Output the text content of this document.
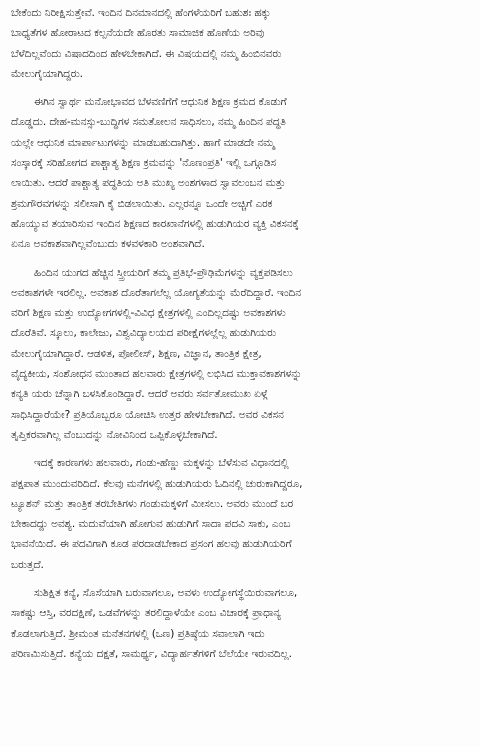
ಬೇಕೆಂದು ನಿರೀಕ್ಷಿಸುತ್ತೇವೆ. ಇಂದಿನ ದಿನಮಾನದಲ್ಲಿ ಹೆಂಗಳೆಯರಿಗೆ ಬಹುಶಃ ಹಕ್ಕು
ಬಾಧ್ಯತೆಗಳ ಹೋರಾಟದ ಕಲ್ಪನೆಯದೇ ಹೊರತು ಸಾಮಾಜಿಕ ಹೊಣೆಯ ಅರಿವು
ಬೆಳೆದಿಲ್ಲವೆಂದು ವಿಷಾದದಿಂದ ಹೇಳಬೇಕಾಗಿದೆ. ಈ ವಿಷಯದಲ್ಲಿ ನಮ್ಮ ಹಿಂಬಿನವರು
ಮೇಲುಗೈಯಾಗಿದ್ದರು.
ಈಗಿನ ಸ್ವಾರ್ಥ ಮನೋಭಾವದ ಬೆಳವಣಿಗೆಗೆ ಆಧುನಿಕ ಶಿಕ್ಷಣ ಕ್ರಮದ ಕೊಡುಗೆ
ದೊಡ್ಡದು. ದೇಹ-ಮನಸ್ಸು-ಬುದ್ಧಿಗಳ ಸಮತೋಲನ ಸಾಧಿಸಲು, ನಮ್ಮ ಹಿಂದಿನ ಪದ್ಧತಿ
ಯಲ್ಲೇ ಆಧುನಿಕ ಮಾರ್ಪಾಟುಗಳನ್ನು ಮಾಡಬಹುದಾಗಿತ್ತು. ಹಾಗೆ ಮಾಡದೇ ನಮ್ಮ
ಸಂಸ್ಕಾರಕ್ಕೆ ಸರಿಹೋಗದ ಪಾಶ್ಚಾತ್ಯ ಶಿಕ್ಷಣ ಕ್ರಮವನ್ನು 'ನೊಣಂಪ್ರತಿ' ಇಲ್ಲಿ ಒಗ್ಗೂಡಿಸ
ಲಾಯಿತು. ಆದರೆ ಪಾಶ್ಚಾತ್ಯ ಪದ್ಧತಿಯ ಅತಿ ಮುಖ್ಯ ಅಂಶಗಳಾದ ಸ್ವಾವಲಂಬನ ಮತ್ತು
ಶ್ರಮಗೌರವಗಳನ್ನು ಸಲೀಸಾಗಿ ಕೈ ಬಿಡಲಾಯಿತು. ಎಲ್ಲರನ್ನೂ ಒಂದೇ ಅಚ್ಚಿಗೆ ಎರಕ
ಹೊಯ್ಯುವ ತಯಾರಿಸುವ ಇಂದಿನ ಶಿಕ್ಷಣದ ಕಾರಖಾನೆಗಳಲ್ಲಿ ಹುಡುಗಿಯರ ವ್ಯಕ್ತಿ ವಿಕಸನಕ್ಕೆ
ಏನೂ ಅವಕಾಶವಾಗಿಲ್ಲವೆಂಬುದು ಕಳವಳಕಾರಿ ಅಂಶವಾಗಿದೆ.
ಹಿಂದಿನ ಯುಗದ ಹೆಚ್ಚಿನ ಸ್ತ್ರೀಯರಿಗೆ ತಮ್ಮ ಪ್ರತಿಭೆ-ಪ್ರೌಢಿಮೆಗಳನ್ನು ವ್ಯಕ್ತಪಡಿಸಲು
ಅವಕಾಶಗಳೇ ಇರಲಿಲ್ಲ. ಅವಕಾಶ ದೊರೆತಾಗಲೆಲ್ಲ ಯೋಗ್ಯತೆಯನ್ನು ಮೆರೆದಿದ್ದಾರೆ. ಇಂದಿನ
ವರಿಗೆ ಶಿಕ್ಷಣ ಮತ್ತು ಉದ್ಯೋಗಗಳಲ್ಲಿ-ವಿವಿಧ ಕ್ಷೇತ್ರಗಳಲ್ಲಿ ಎಂದಿಲ್ಲದಷ್ಟು ಅವಕಾಶಗಳು
ದೊರೆತಿವೆ. ಸ್ಕೂಲು, ಕಾಲೇಜು, ವಿಶ್ವವಿದ್ಯಾಲಯದ ಪರೀಕ್ಷೆಗಳಲ್ಲೆಲ್ಲ ಹುಡುಗಿಯರು
ಮೇಲುಗೈಯಾಗಿದ್ದಾರೆ. ಆಡಳಿತ, ಪೋಲೀಸ್, ಶಿಕ್ಷಣ, ವಿಜ್ಞಾನ, ತಾಂತ್ರಿಕ ಕ್ಷೇತ್ರ,
ವೈದ್ಯಕೀಯ, ಸಂಶೋಧನ ಮುಂತಾದ ಹಲವಾರು ಕ್ಷೇತ್ರಗಳಲ್ಲಿ ಲಭಿಸಿದ ಮುಕ್ತಾವಕಾಶಗಳನ್ನು
ಕನ್ಯತಿ ಯರು ಚೆನ್ನಾಗಿ ಬಳಸಿಕೊಂಡಿದ್ದಾರೆ. ಆದರೆ ಅವರು ಸರ್ವತೋಮುಖ ಏಳ್ಗೆ
ಸಾಧಿಸಿದ್ದಾರೆಯೇ? ಪ್ರತಿಯೊಬ್ಬರೂ ಯೋಚಿಸಿ ಉತ್ತರ ಹೇಳಬೇಕಾಗಿದೆ. ಅವರ ವಿಕಸನ
ತೃಪ್ತಿಕರವಾಗಿಲ್ಲ ವೆಂಬುದನ್ನು ನೋವಿನಿಂದ ಒಪ್ಪಿಕೊಳ್ಳಬೇಕಾಗಿದೆ.
ಇದಕ್ಕೆ ಕಾರಣಗಳು ಹಲವಾರು, ಗಂಡು-ಹೆಣ್ಣು ಮಕ್ಕಳನ್ನು ಬೆಳೆಸುವ ವಿಧಾನದಲ್ಲಿ
ಪಕ್ಷಪಾತ ಮುಂದುವರಿದಿದೆ. ಕೆಲವು ಮನೆಗಳಲ್ಲಿ ಹುಡುಗಿಯರು ಓದಿನಲ್ಲಿ ಚುರುಕಾಗಿದ್ದರೂ,
ಟ್ಯೂಶನ್ ಮತ್ತು ತಾಂತ್ರಿಕ ತರಬೇತಿಗಳು ಗಂಡುಮಕ್ಕಳಿಗೆ ಮೀಸಲು. ಅವರು ಮುಂದೆ ಬರ
ಬೇಕಾದದ್ದು ಅವಶ್ಯ. ಮದುವೆಯಾಗಿ ಹೋಗುವ ಹುಡುಗಿಗೆ ಸಾದಾ ಪದವಿ ಸಾಕು, ಎಂಬ
ಭಾವನೆಯಿದೆ. ಈ ಪದವಿಗಾಗಿ ಕೂಡ ಪರದಾಡಬೇಕಾದ ಪ್ರಸಂಗ ಹಲವು ಹುಡುಗಿಯರಿಗೆ
ಬರುತ್ತದೆ.
ಸುಶಿಕ್ಷಿತ ಕನ್ಯೆ, ಸೊಸೆಯಾಗಿ ಬರುವಾಗಲೂ, ಅವಳು ಉದ್ಯೋಗಸ್ಥೆಯಿರುವಾಗಲೂ,
ಸಾಕಷ್ಟು ಆಸ್ತಿ, ವರದಕ್ಷಿಣೆ, ಒಡವೆಗಳನ್ನು ತರಲಿದ್ದಾಳೆಯೇ ಎಂಬ ವಿಚಾರಕ್ಕೆ ಪ್ರಾಧಾನ್ಯ
ಕೊಡಲಾಗುತ್ತಿದೆ. ಶ್ರೀಮಂತ ಮನೆತನಗಳಲ್ಲಿ (ಒಣ) ಪ್ರತಿಷ್ಠೆಯ ಸವಾಲಾಗಿ ಇದು
ಪರಿಣಮಿಸುತ್ತಿದೆ. ಕನ್ಯೆಯ ದಕ್ಷತೆ, ಸಾಮರ್ಥ್ಯ, ವಿದ್ಯಾರ್ಹತೆಗಳಿಗೆ ಬೆಲೆಯೇ ಇರುವದಿಲ್ಲ.
